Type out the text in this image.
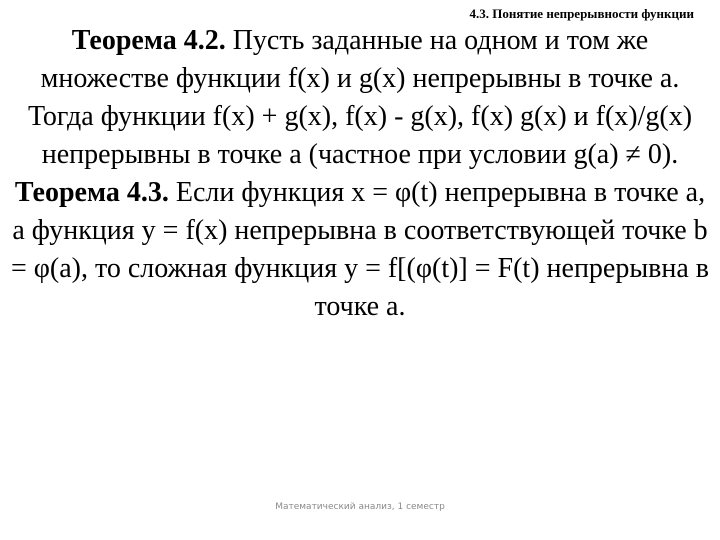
4.3. Понятие непрерывности функции

Теорема 4.2. Пусть заданные на одном и том же множестве функции f(x) и g(x) непрерывны в точке a. Тогда функции f(x) + g(x), f(x) - g(x), f(x) g(x) и f(x)/g(x) непрерывны в точке a (частное при условии g(a) ≠ 0).

Теорема 4.3. Если функция x = φ(t) непрерывна в точке a, а функция y = f(x) непрерывна в соответствующей точке b = φ(a), то сложная функция y = f[(φ(t)] = F(t) непрерывна в точке a.

Математический анализ, 1 семестр
